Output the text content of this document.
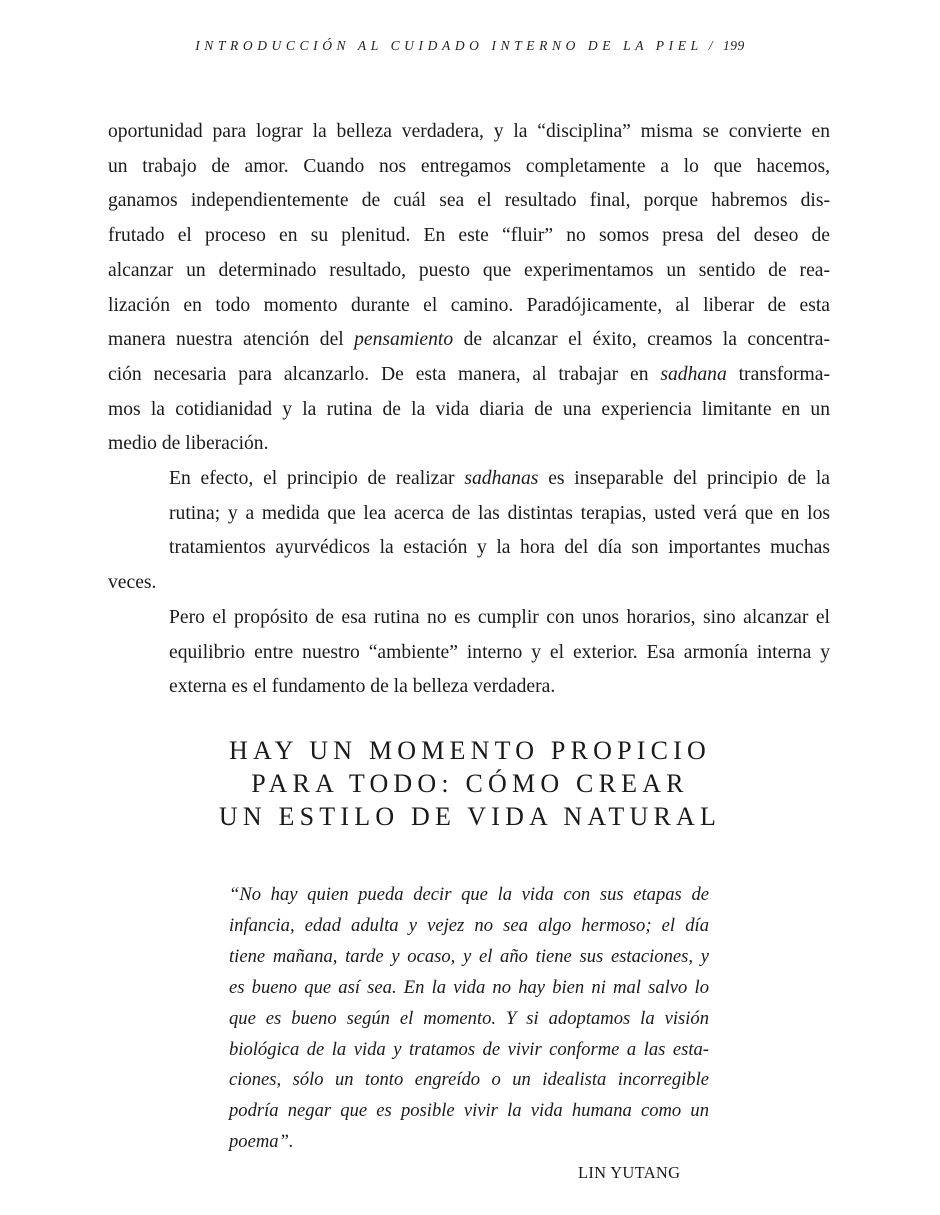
INTRODUCCIÓN AL CUIDADO INTERNO DE LA PIEL / 199

oportunidad para lograr la belleza verdadera, y la “disciplina” misma se convierte en
un trabajo de amor. Cuando nos entregamos completamente a lo que hacemos,
ganamos independientemente de cuál sea el resultado final, porque habremos dis-
frutado el proceso en su plenitud. En este “fluir” no somos presa del deseo de
alcanzar un determinado resultado, puesto que experimentamos un sentido de rea-
lización en todo momento durante el camino. Paradójicamente, al liberar de esta
manera nuestra atención del pensamiento de alcanzar el éxito, creamos la concentra-
ción necesaria para alcanzarlo. De esta manera, al trabajar en sadhana transforma-
mos la cotidianidad y la rutina de la vida diaria de una experiencia limitante en un
medio de liberación.

En efecto, el principio de realizar sadhanas es inseparable del principio de la
rutina; y a medida que lea acerca de las distintas terapias, usted verá que en los
tratamientos ayurvédicos la estación y la hora del día son importantes muchas veces.
Pero el propósito de esa rutina no es cumplir con unos horarios, sino alcanzar el
equilibrio entre nuestro “ambiente” interno y el exterior. Esa armonía interna y
externa es el fundamento de la belleza verdadera.

HAY UN MOMENTO PROPICIO
PARA TODO: CÓMO CREAR
UN ESTILO DE VIDA NATURAL
“No hay quien pueda decir que la vida con sus etapas de
infancia, edad adulta y vejez no sea algo hermoso; el día
tiene mañana, tarde y ocaso, y el año tiene sus estaciones, y
es bueno que así sea. En la vida no hay bien ni mal salvo lo
que es bueno según el momento. Y si adoptamos la visión
biológica de la vida y tratamos de vivir conforme a las esta-
ciones, sólo un tonto engreído o un idealista incorregible
podría negar que es posible vivir la vida humana como un
poema”.
LIN YUTANG
